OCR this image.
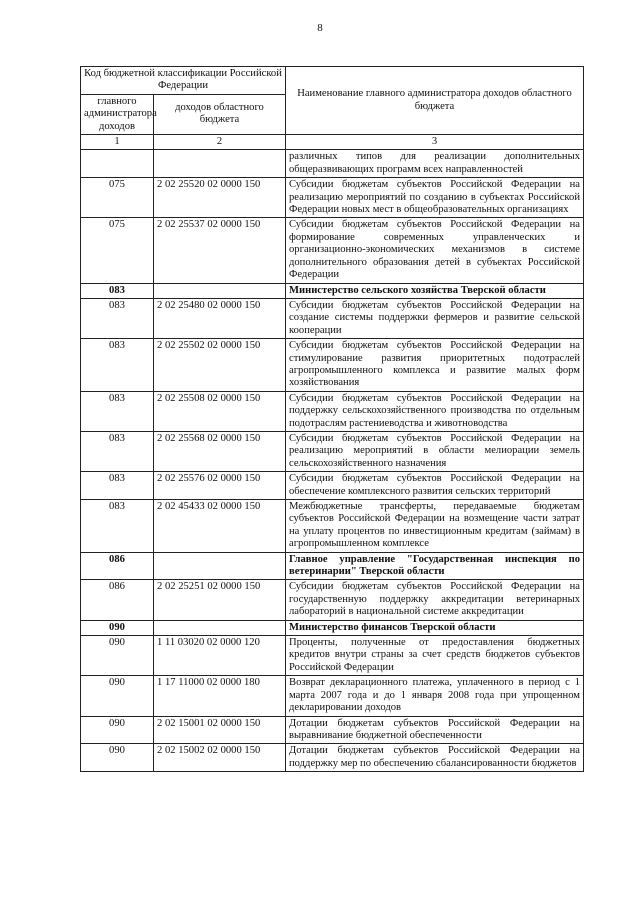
8
Код бюджетной классификации Российской Федерации		Наименование главного администратора доходов областного бюджета
главного администратора доходов	доходов областного бюджета	
1	2	3
		различных типов для реализации дополнительных общеразвивающих программ всех направленностей
075	2 02 25520 02 0000 150	Субсидии бюджетам субъектов Российской Федерации на реализацию мероприятий по созданию в субъектах Российской Федерации новых мест в общеобразовательных организациях
075	2 02 25537 02 0000 150	Субсидии бюджетам субъектов Российской Федерации на формирование современных управленческих и организационно-экономических механизмов в системе дополнительного образования детей в субъектах Российской Федерации
083		Министерство сельского хозяйства Тверской области
083	2 02 25480 02 0000 150	Субсидии бюджетам субъектов Российской Федерации на создание системы поддержки фермеров и развитие сельской кооперации
083	2 02 25502 02 0000 150	Субсидии бюджетам субъектов Российской Федерации на стимулирование развития приоритетных подотраслей агропромышленного комплекса и развитие малых форм хозяйствования
083	2 02 25508 02 0000 150	Субсидии бюджетам субъектов Российской Федерации на поддержку сельскохозяйственного производства по отдельным подотраслям растениеводства и животноводства
083	2 02 25568 02 0000 150	Субсидии бюджетам субъектов Российской Федерации на реализацию мероприятий в области мелиорации земель сельскохозяйственного назначения
083	2 02 25576 02 0000 150	Субсидии бюджетам субъектов Российской Федерации на обеспечение комплексного развития сельских территорий
083	2 02 45433 02 0000 150	Межбюджетные трансферты, передаваемые бюджетам субъектов Российской Федерации на возмещение части затрат на уплату процентов по инвестиционным кредитам (займам) в агропромышленном комплексе
086		Главное управление "Государственная инспекция по ветеринарии" Тверской области
086	2 02 25251 02 0000 150	Субсидии бюджетам субъектов Российской Федерации на государственную поддержку аккредитации ветеринарных лабораторий в национальной системе аккредитации
090		Министерство финансов Тверской области
090	1 11 03020 02 0000 120	Проценты, полученные от предоставления бюджетных кредитов внутри страны за счет средств бюджетов субъектов Российской Федерации
090	1 17 11000 02 0000 180	Возврат декларационного платежа, уплаченного в период с 1 марта 2007 года и до 1 января 2008 года при упрощенном декларировании доходов
090	2 02 15001 02 0000 150	Дотации бюджетам субъектов Российской Федерации на выравнивание бюджетной обеспеченности
090	2 02 15002 02 0000 150	Дотации бюджетам субъектов Российской Федерации на поддержку мер по обеспечению сбалансированности бюджетов
